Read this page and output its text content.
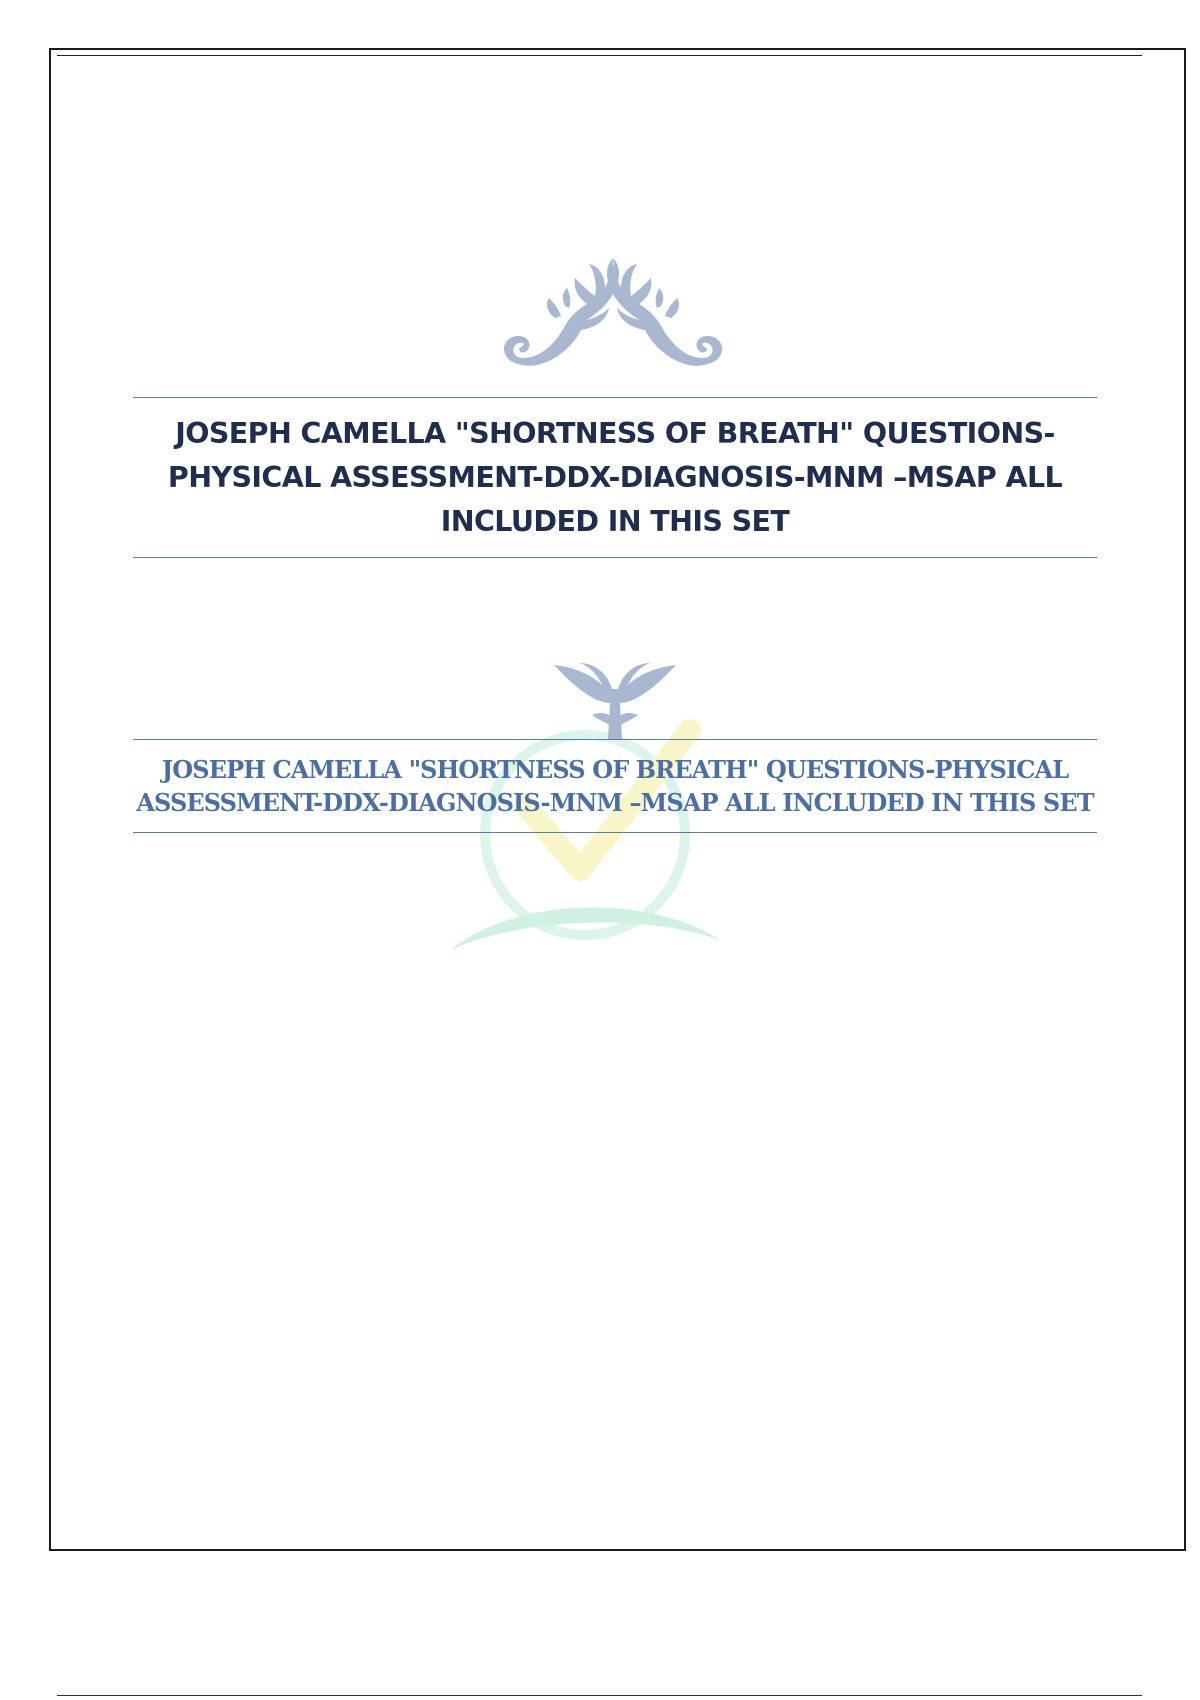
JOSEPH CAMELLA "SHORTNESS OF BREATH" QUESTIONS-PHYSICAL ASSESSMENT-DDX-DIAGNOSIS-MNM –MSAP ALL INCLUDED IN THIS SET
JOSEPH CAMELLA "SHORTNESS OF BREATH" QUESTIONS-PHYSICAL ASSESSMENT-DDX-DIAGNOSIS-MNM –MSAP ALL INCLUDED IN THIS SET
